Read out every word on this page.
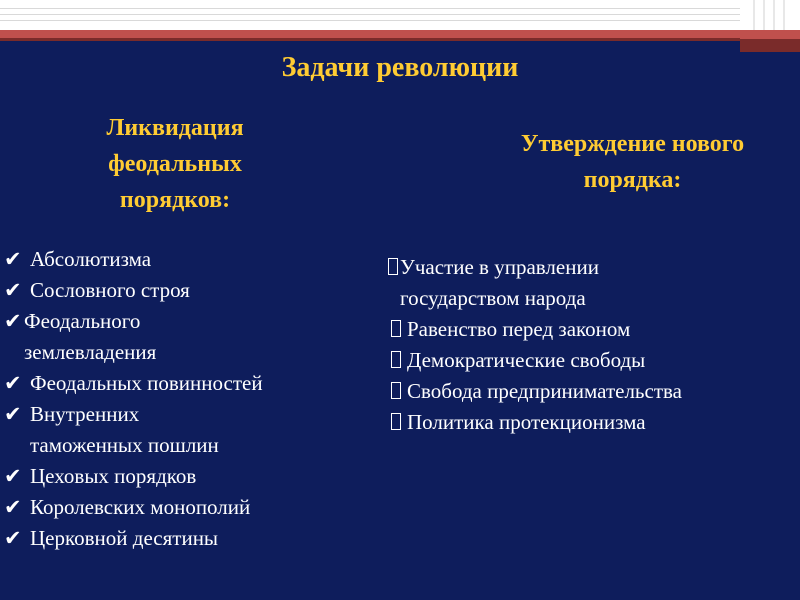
Задачи революции
Ликвидация
феодальных
порядков:
Утверждение нового
порядка:
✔ Абсолютизма
✔ Сословного строя
✔ Феодального
землевладения
✔ Феодальных повинностей
✔ Внутренних
таможенных пошлин
✔ Цеховых порядков
✔ Королевских монополий
✔ Церковной десятины
Участие в управлении
государством народа
Равенство перед законом
Демократические свободы
Свобода предпринимательства
Политика протекционизма
